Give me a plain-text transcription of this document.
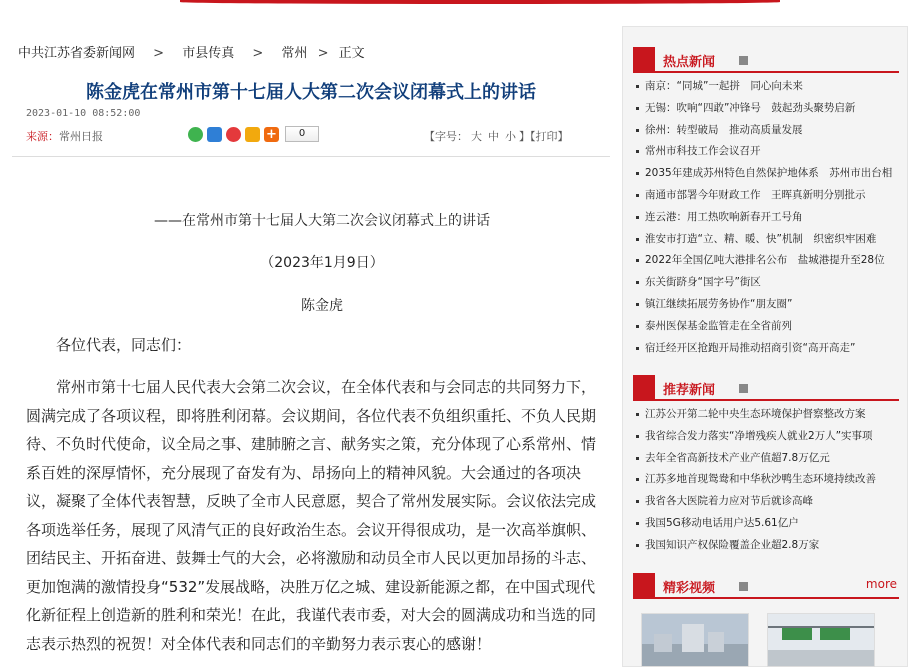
中共江苏省委新闻网 > 市县传真 > 常州 > 正文
陈金虎在常州市第十七届人大第二次会议闭幕式上的讲话
2023-01-10 08:52:00
来源：常州日报	+	0	【字号： 大 中 小 】【打印】
——在常州市第十七届人大第二次会议闭幕式上的讲话
（2023年1月9日）
陈金虎
各位代表，同志们：
常州市第十七届人民代表大会第二次会议，在全体代表和与会同志的共同努力下，圆满完成了各项议程，即将胜利闭幕。会议期间，各位代表不负组织重托、不负人民期待、不负时代使命，议全局之事、建肺腑之言、献务实之策，充分体现了心系常州、情系百姓的深厚情怀，充分展现了奋发有为、昂扬向上的精神风貌。大会通过的各项决议，凝聚了全体代表智慧，反映了全市人民意愿，契合了常州发展实际。会议依法完成各项选举任务，展现了风清气正的良好政治生态。会议开得很成功，是一次高举旗帜、团结民主、开拓奋进、鼓舞士气的大会，必将激励和动员全市人民以更加昂扬的斗志、更加饱满的激情投身“532”发展战略，决胜万亿之城、建设新能源之都，在中国式现代化新征程上创造新的胜利和荣光！在此，我谨代表市委，对大会的圆满成功和当选的同志表示热烈的祝贺！对全体代表和同志们的辛勤努力表示衷心的感谢！
热点新闻
南京：“同城”一起拼　同心向未来
无锡：吹响“四敢”冲锋号　鼓起劲头聚势启新
徐州：转型破局　推动高质量发展
常州市科技工作会议召开
2035年建成苏州特色自然保护地体系　苏州市出台相
南通市部署今年财政工作　王晖真新明分别批示
连云港：用工热吹响新春开工号角
淮安市打造“立、精、暖、快”机制　织密织牢困难
2022年全国亿吨大港排名公布　盐城港提升至28位
东关街跻身“国字号”街区
镇江继续拓展劳务协作“朋友圈”
泰州医保基金监管走在全省前列
宿迁经开区抢跑开局推动招商引资“高开高走”
推荐新闻
江苏公开第二轮中央生态环境保护督察整改方案
我省综合发力落实“净增残疾人就业2万人”实事项
去年全省高新技术产业产值超7.8万亿元
江苏多地首现鸳鸯和中华秋沙鸭生态环境持续改善
我省各大医院着力应对节后就诊高峰
我国5G移动电话用户达5.61亿户
我国知识产权保险覆盖企业超2.8万家
精彩视频	more
